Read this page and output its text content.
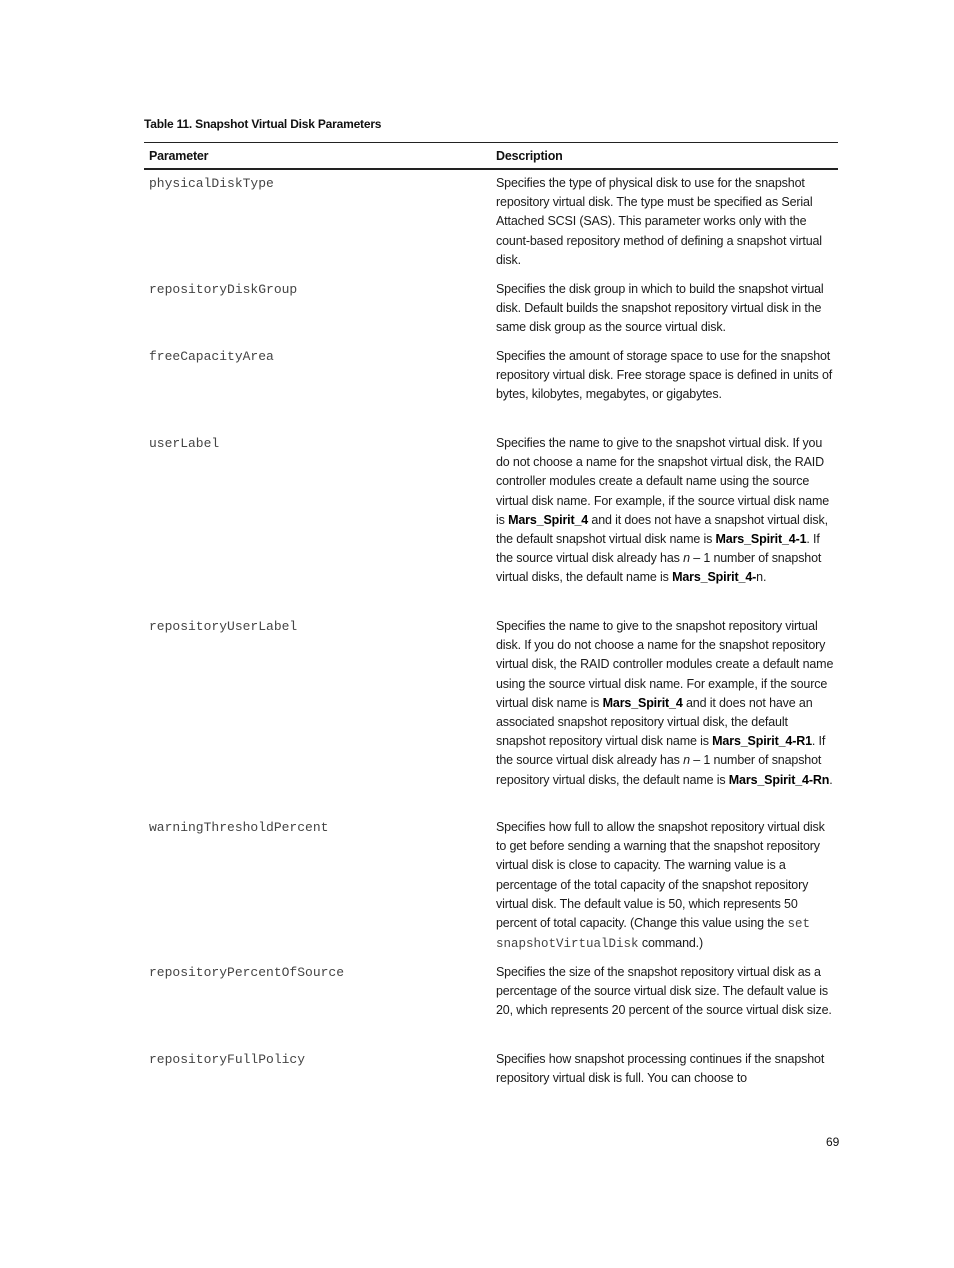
Table 11. Snapshot Virtual Disk Parameters
Parameter	Description
physicalDiskType	Specifies the type of physical disk to use for the snapshot repository virtual disk. The type must be specified as Serial Attached SCSI (SAS). This parameter works only with the count-based repository method of defining a snapshot virtual disk.
repositoryDiskGroup	Specifies the disk group in which to build the snapshot virtual disk. Default builds the snapshot repository virtual disk in the same disk group as the source virtual disk.
freeCapacityArea	Specifies the amount of storage space to use for the snapshot repository virtual disk. Free storage space is defined in units of bytes, kilobytes, megabytes, or gigabytes.
userLabel	Specifies the name to give to the snapshot virtual disk. If you do not choose a name for the snapshot virtual disk, the RAID controller modules create a default name using the source virtual disk name. For example, if the source virtual disk name is Mars_Spirit_4 and it does not have a snapshot virtual disk, the default snapshot virtual disk name is Mars_Spirit_4-1. If the source virtual disk already has n – 1 number of snapshot virtual disks, the default name is Mars_Spirit_4-n.
repositoryUserLabel	Specifies the name to give to the snapshot repository virtual disk. If you do not choose a name for the snapshot repository virtual disk, the RAID controller modules create a default name using the source virtual disk name. For example, if the source virtual disk name is Mars_Spirit_4 and it does not have an associated snapshot repository virtual disk, the default snapshot repository virtual disk name is Mars_Spirit_4-R1. If the source virtual disk already has n – 1 number of snapshot repository virtual disks, the default name is Mars_Spirit_4-Rn.
warningThresholdPercent	Specifies how full to allow the snapshot repository virtual disk to get before sending a warning that the snapshot repository virtual disk is close to capacity. The warning value is a percentage of the total capacity of the snapshot repository virtual disk. The default value is 50, which represents 50 percent of total capacity. (Change this value using the set snapshotVirtualDisk command.)
repositoryPercentOfSource	Specifies the size of the snapshot repository virtual disk as a percentage of the source virtual disk size. The default value is 20, which represents 20 percent of the source virtual disk size.
repositoryFullPolicy	Specifies how snapshot processing continues if the snapshot repository virtual disk is full. You can choose to
69
